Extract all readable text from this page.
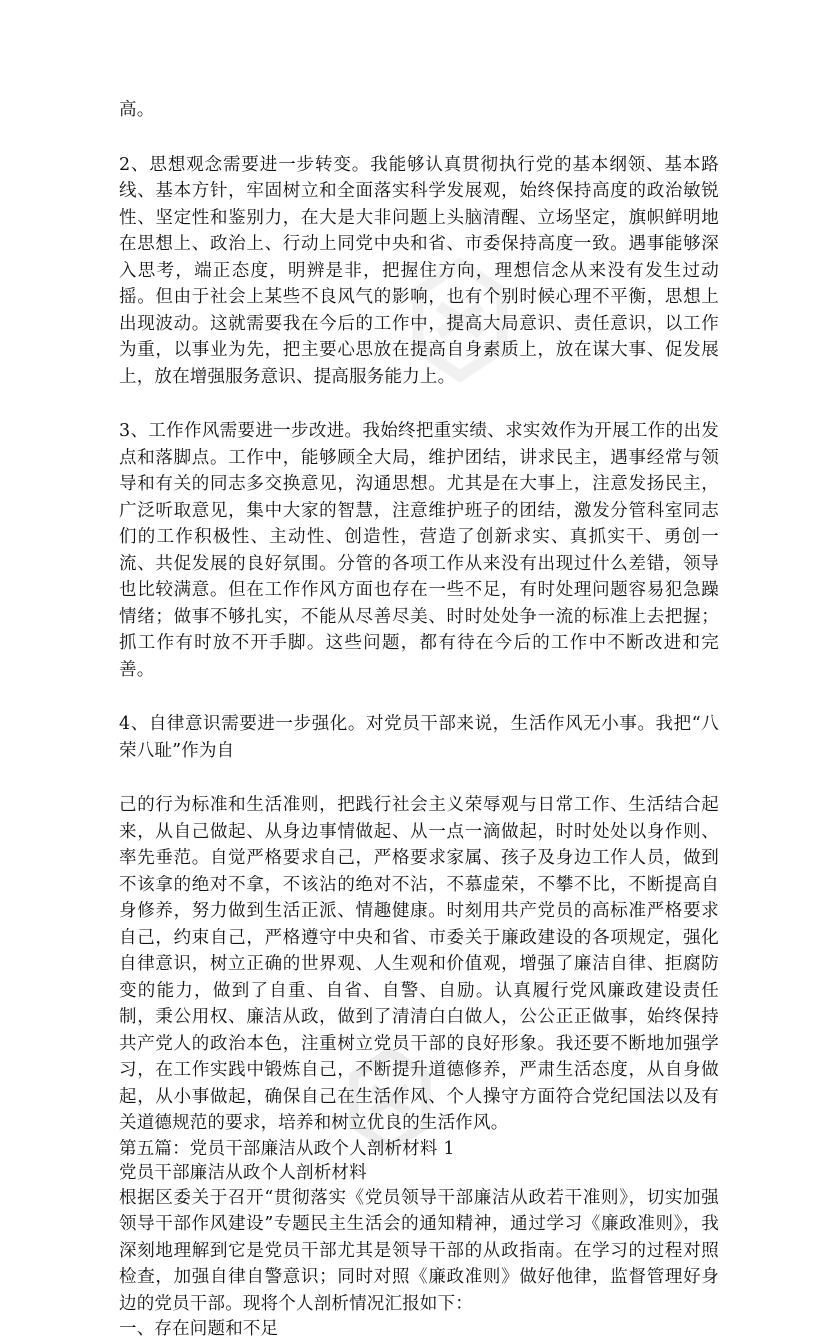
高。

2、思想观念需要进一步转变。我能够认真贯彻执行党的基本纲领、基本路线、基本方针，牢固树立和全面落实科学发展观，始终保持高度的政治敏锐性、坚定性和鉴别力，在大是大非问题上头脑清醒、立场坚定，旗帜鲜明地在思想上、政治上、行动上同党中央和省、市委保持高度一致。遇事能够深入思考，端正态度，明辨是非，把握住方向，理想信念从来没有发生过动摇。但由于社会上某些不良风气的影响，也有个别时候心理不平衡，思想上出现波动。这就需要我在今后的工作中，提高大局意识、责任意识，以工作为重，以事业为先，把主要心思放在提高自身素质上，放在谋大事、促发展上，放在增强服务意识、提高服务能力上。

3、工作作风需要进一步改进。我始终把重实绩、求实效作为开展工作的出发点和落脚点。工作中，能够顾全大局，维护团结，讲求民主，遇事经常与领导和有关的同志多交换意见，沟通思想。尤其是在大事上，注意发扬民主，广泛听取意见，集中大家的智慧，注意维护班子的团结，激发分管科室同志们的工作积极性、主动性、创造性，营造了创新求实、真抓实干、勇创一流、共促发展的良好氛围。分管的各项工作从来没有出现过什么差错，领导也比较满意。但在工作作风方面也存在一些不足，有时处理问题容易犯急躁情绪；做事不够扎实，不能从尽善尽美、时时处处争一流的标准上去把握；抓工作有时放不开手脚。这些问题，都有待在今后的工作中不断改进和完善。

4、自律意识需要进一步强化。对党员干部来说，生活作风无小事。我把“八荣八耻”作为自

己的行为标准和生活准则，把践行社会主义荣辱观与日常工作、生活结合起来，从自己做起、从身边事情做起、从一点一滴做起，时时处处以身作则、率先垂范。自觉严格要求自己，严格要求家属、孩子及身边工作人员，做到不该拿的绝对不拿，不该沾的绝对不沾，不慕虚荣，不攀不比，不断提高自身修养，努力做到生活正派、情趣健康。时刻用共产党员的高标准严格要求自己，约束自己，严格遵守中央和省、市委关于廉政建设的各项规定，强化自律意识，树立正确的世界观、人生观和价值观，增强了廉洁自律、拒腐防变的能力，做到了自重、自省、自警、自励。认真履行党风廉政建设责任制，秉公用权、廉洁从政，做到了清清白白做人，公公正正做事，始终保持共产党人的政治本色，注重树立党员干部的良好形象。我还要不断地加强学习，在工作实践中锻炼自己，不断提升道德修养，严肃生活态度，从自身做起，从小事做起，确保自己在生活作风、个人操守方面符合党纪国法以及有关道德规范的要求，培养和树立优良的生活作风。

第五篇：党员干部廉洁从政个人剖析材料 1

党员干部廉洁从政个人剖析材料

根据区委关于召开“贯彻落实《党员领导干部廉洁从政若干准则》，切实加强领导干部作风建设”专题民主生活会的通知精神，通过学习《廉政准则》，我深刻地理解到它是党员干部尤其是领导干部的从政指南。在学习的过程对照检查，加强自律自警意识；同时对照《廉政准则》做好他律，监督管理好身边的党员干部。现将个人剖析情况汇报如下：

一、存在问题和不足
